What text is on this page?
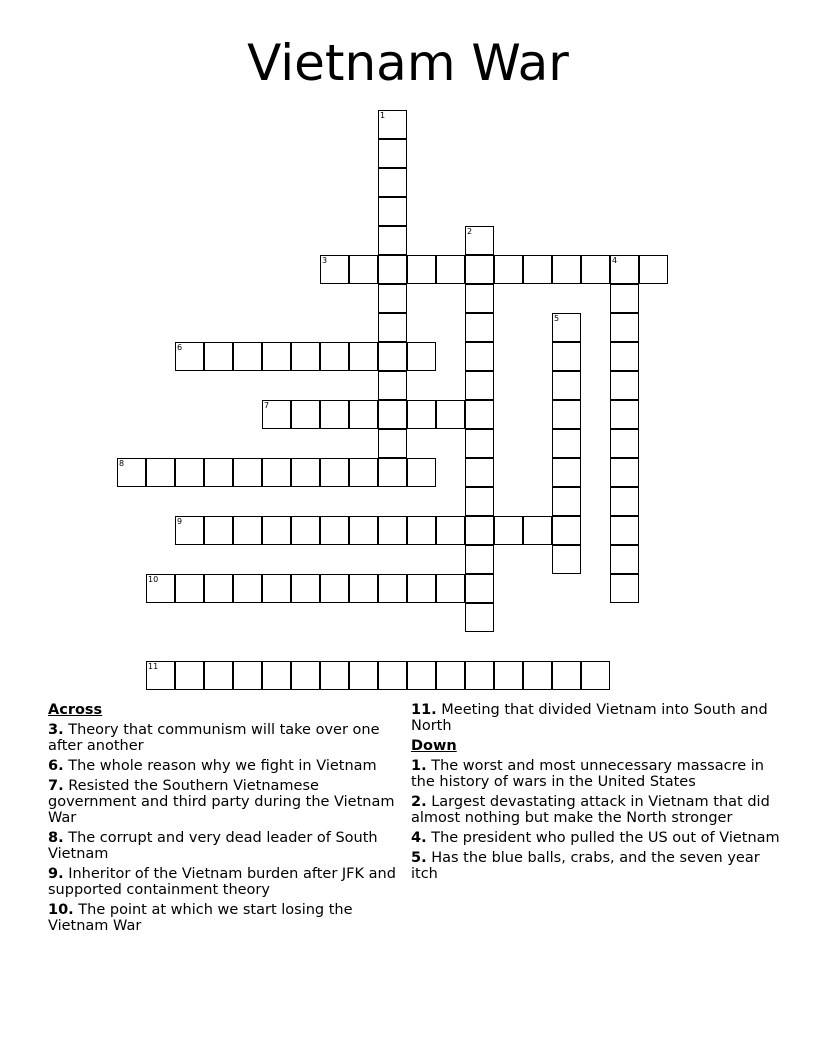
Vietnam War
1
2
3	4
5
6
7
8
9
10
11
Across
3. Theory that communism will take over one after another
6. The whole reason why we fight in Vietnam
7. Resisted the Southern Vietnamese government and third party during the Vietnam War
8. The corrupt and very dead leader of South Vietnam
9. Inheritor of the Vietnam burden after JFK and supported containment theory
10. The point at which we start losing the Vietnam War
11. Meeting that divided Vietnam into South and North
Down
1. The worst and most unnecessary massacre in the history of wars in the United States
2. Largest devastating attack in Vietnam that did almost nothing but make the North stronger
4. The president who pulled the US out of Vietnam
5. Has the blue balls, crabs, and the seven year itch
